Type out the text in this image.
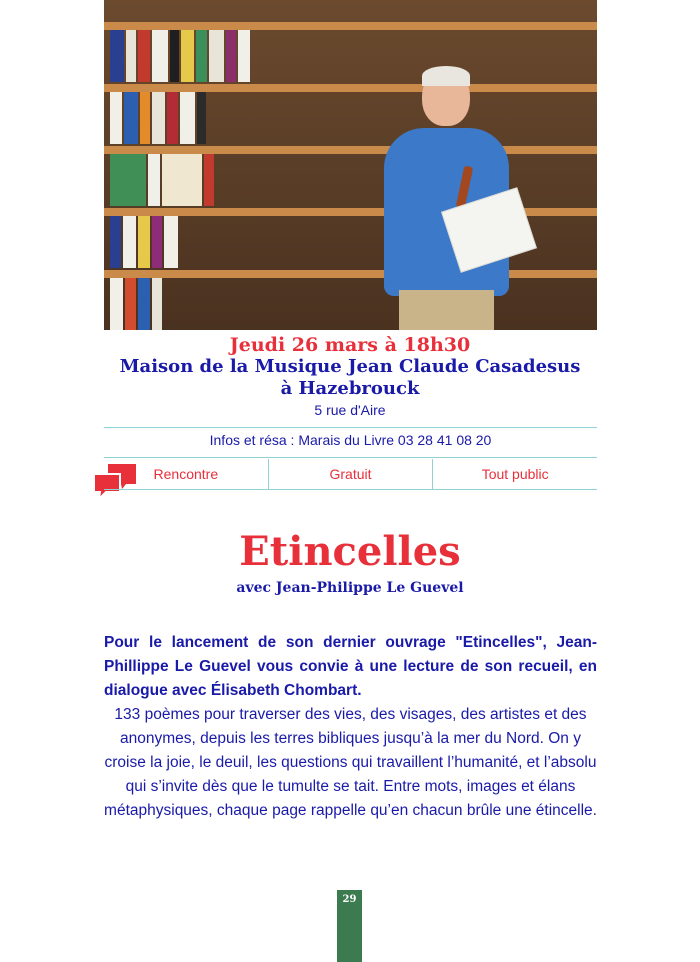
Jeudi 26 mars à 18h30
Maison de la Musique Jean Claude Casadesus
à Hazebrouck
5 rue d'Aire
Infos et résa : Marais du Livre 03 28 41 08 20
Rencontre	Gratuit	Tout public
Etincelles
avec Jean-Philippe Le Guevel
Pour le lancement de son dernier ouvrage "Etincelles", Jean-Phillippe Le Guevel vous convie à une lecture de son recueil, en dialogue avec Élisabeth Chombart.
133 poèmes pour traverser des vies, des visages, des artistes et des anonymes, depuis les terres bibliques jusqu’à la mer du Nord. On y croise la joie, le deuil, les questions qui travaillent l’humanité, et l’absolu qui s’invite dès que le tumulte se tait. Entre mots, images et élans métaphysiques, chaque page rappelle qu’en chacun brûle une étincelle.
29
